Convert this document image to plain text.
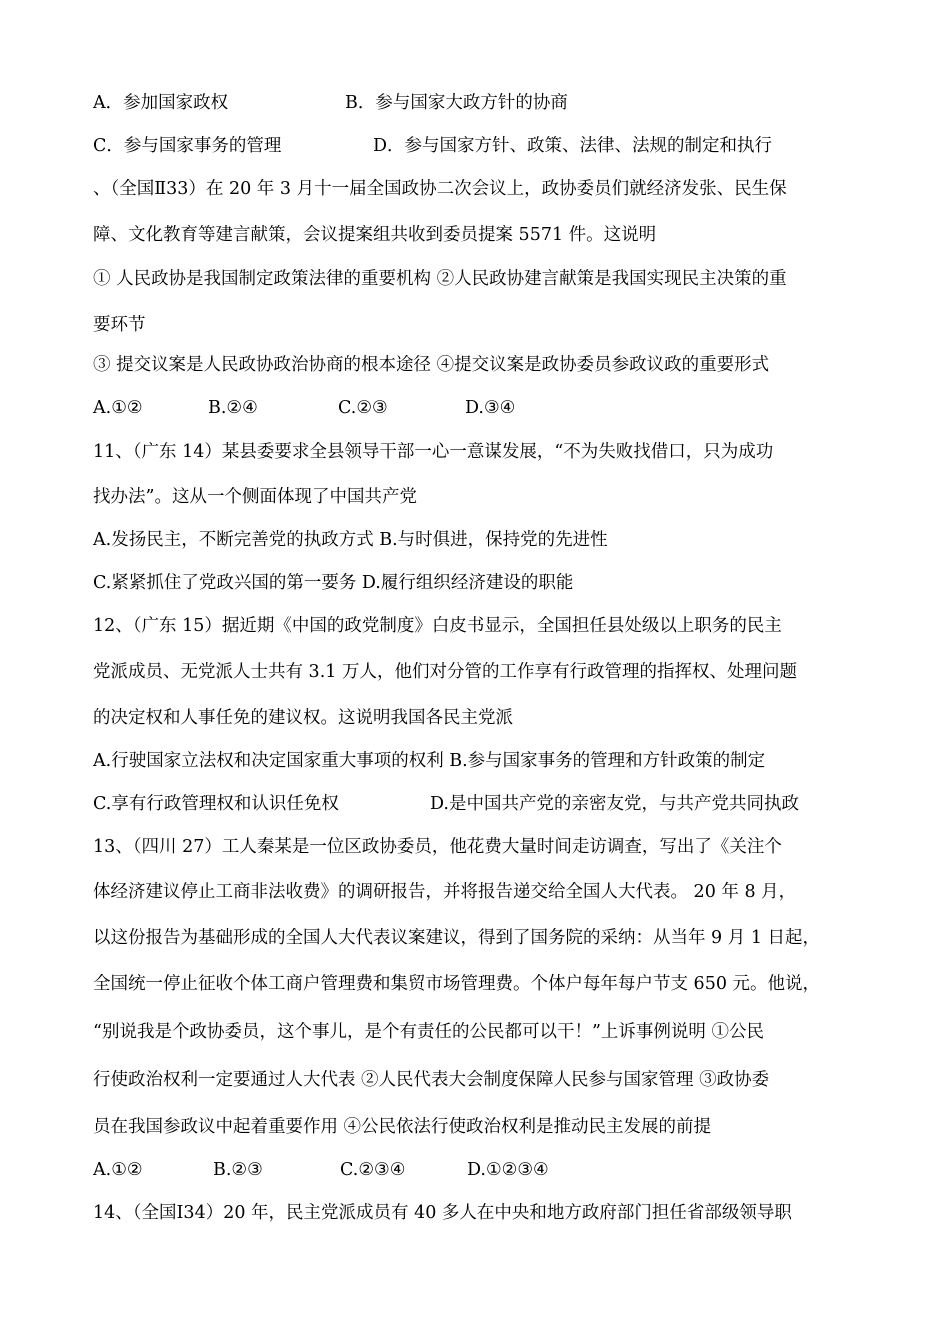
A．参加国家政权	B．参与国家大政方针的协商
C．参与国家事务的管理	D．参与国家方针、政策、法律、法规的制定和执行
、（全国Ⅱ33）在 20 年 3 月十一届全国政协二次会议上，政协委员们就经济发张、民生保
障、文化教育等建言献策，会议提案组共收到委员提案 5571 件。这说明
① 人民政协是我国制定政策法律的重要机构 ②人民政协建言献策是我国实现民主决策的重
要环节
③ 提交议案是人民政协政治协商的根本途径 ④提交议案是政协委员参政议政的重要形式
A.①②	B.②④	C.②③	D.③④
11、（广东 14）某县委要求全县领导干部一心一意谋发展，“不为失败找借口，只为成功
找办法”。这从一个侧面体现了中国共产党
A.发扬民主，不断完善党的执政方式 B.与时俱进，保持党的先进性
C.紧紧抓住了党政兴国的第一要务 D.履行组织经济建设的职能
12、（广东 15）据近期《中国的政党制度》白皮书显示，全国担任县处级以上职务的民主
党派成员、无党派人士共有 3.1 万人，他们对分管的工作享有行政管理的指挥权、处理问题
的决定权和人事任免的建议权。这说明我国各民主党派
A.行驶国家立法权和决定国家重大事项的权利 B.参与国家事务的管理和方针政策的制定
C.享有行政管理权和认识任免权	D.是中国共产党的亲密友党，与共产党共同执政
13、（四川 27）工人秦某是一位区政协委员，他花费大量时间走访调查，写出了《关注个
体经济建议停止工商非法收费》的调研报告，并将报告递交给全国人大代表。 20 年 8 月，
以这份报告为基础形成的全国人大代表议案建议，得到了国务院的采纳：从当年 9 月 1 日起，
全国统一停止征收个体工商户管理费和集贸市场管理费。个体户每年每户节支 650 元。他说，
“别说我是个政协委员，这个事儿，是个有责任的公民都可以干！”上诉事例说明 ①公民
行使政治权利一定要通过人大代表 ②人民代表大会制度保障人民参与国家管理 ③政协委
员在我国参政议中起着重要作用 ④公民依法行使政治权利是推动民主发展的前提
A.①②	B.②③	C.②③④	D.①②③④
14、（全国Ⅰ34）20 年，民主党派成员有 40 多人在中央和地方政府部门担任省部级领导职
